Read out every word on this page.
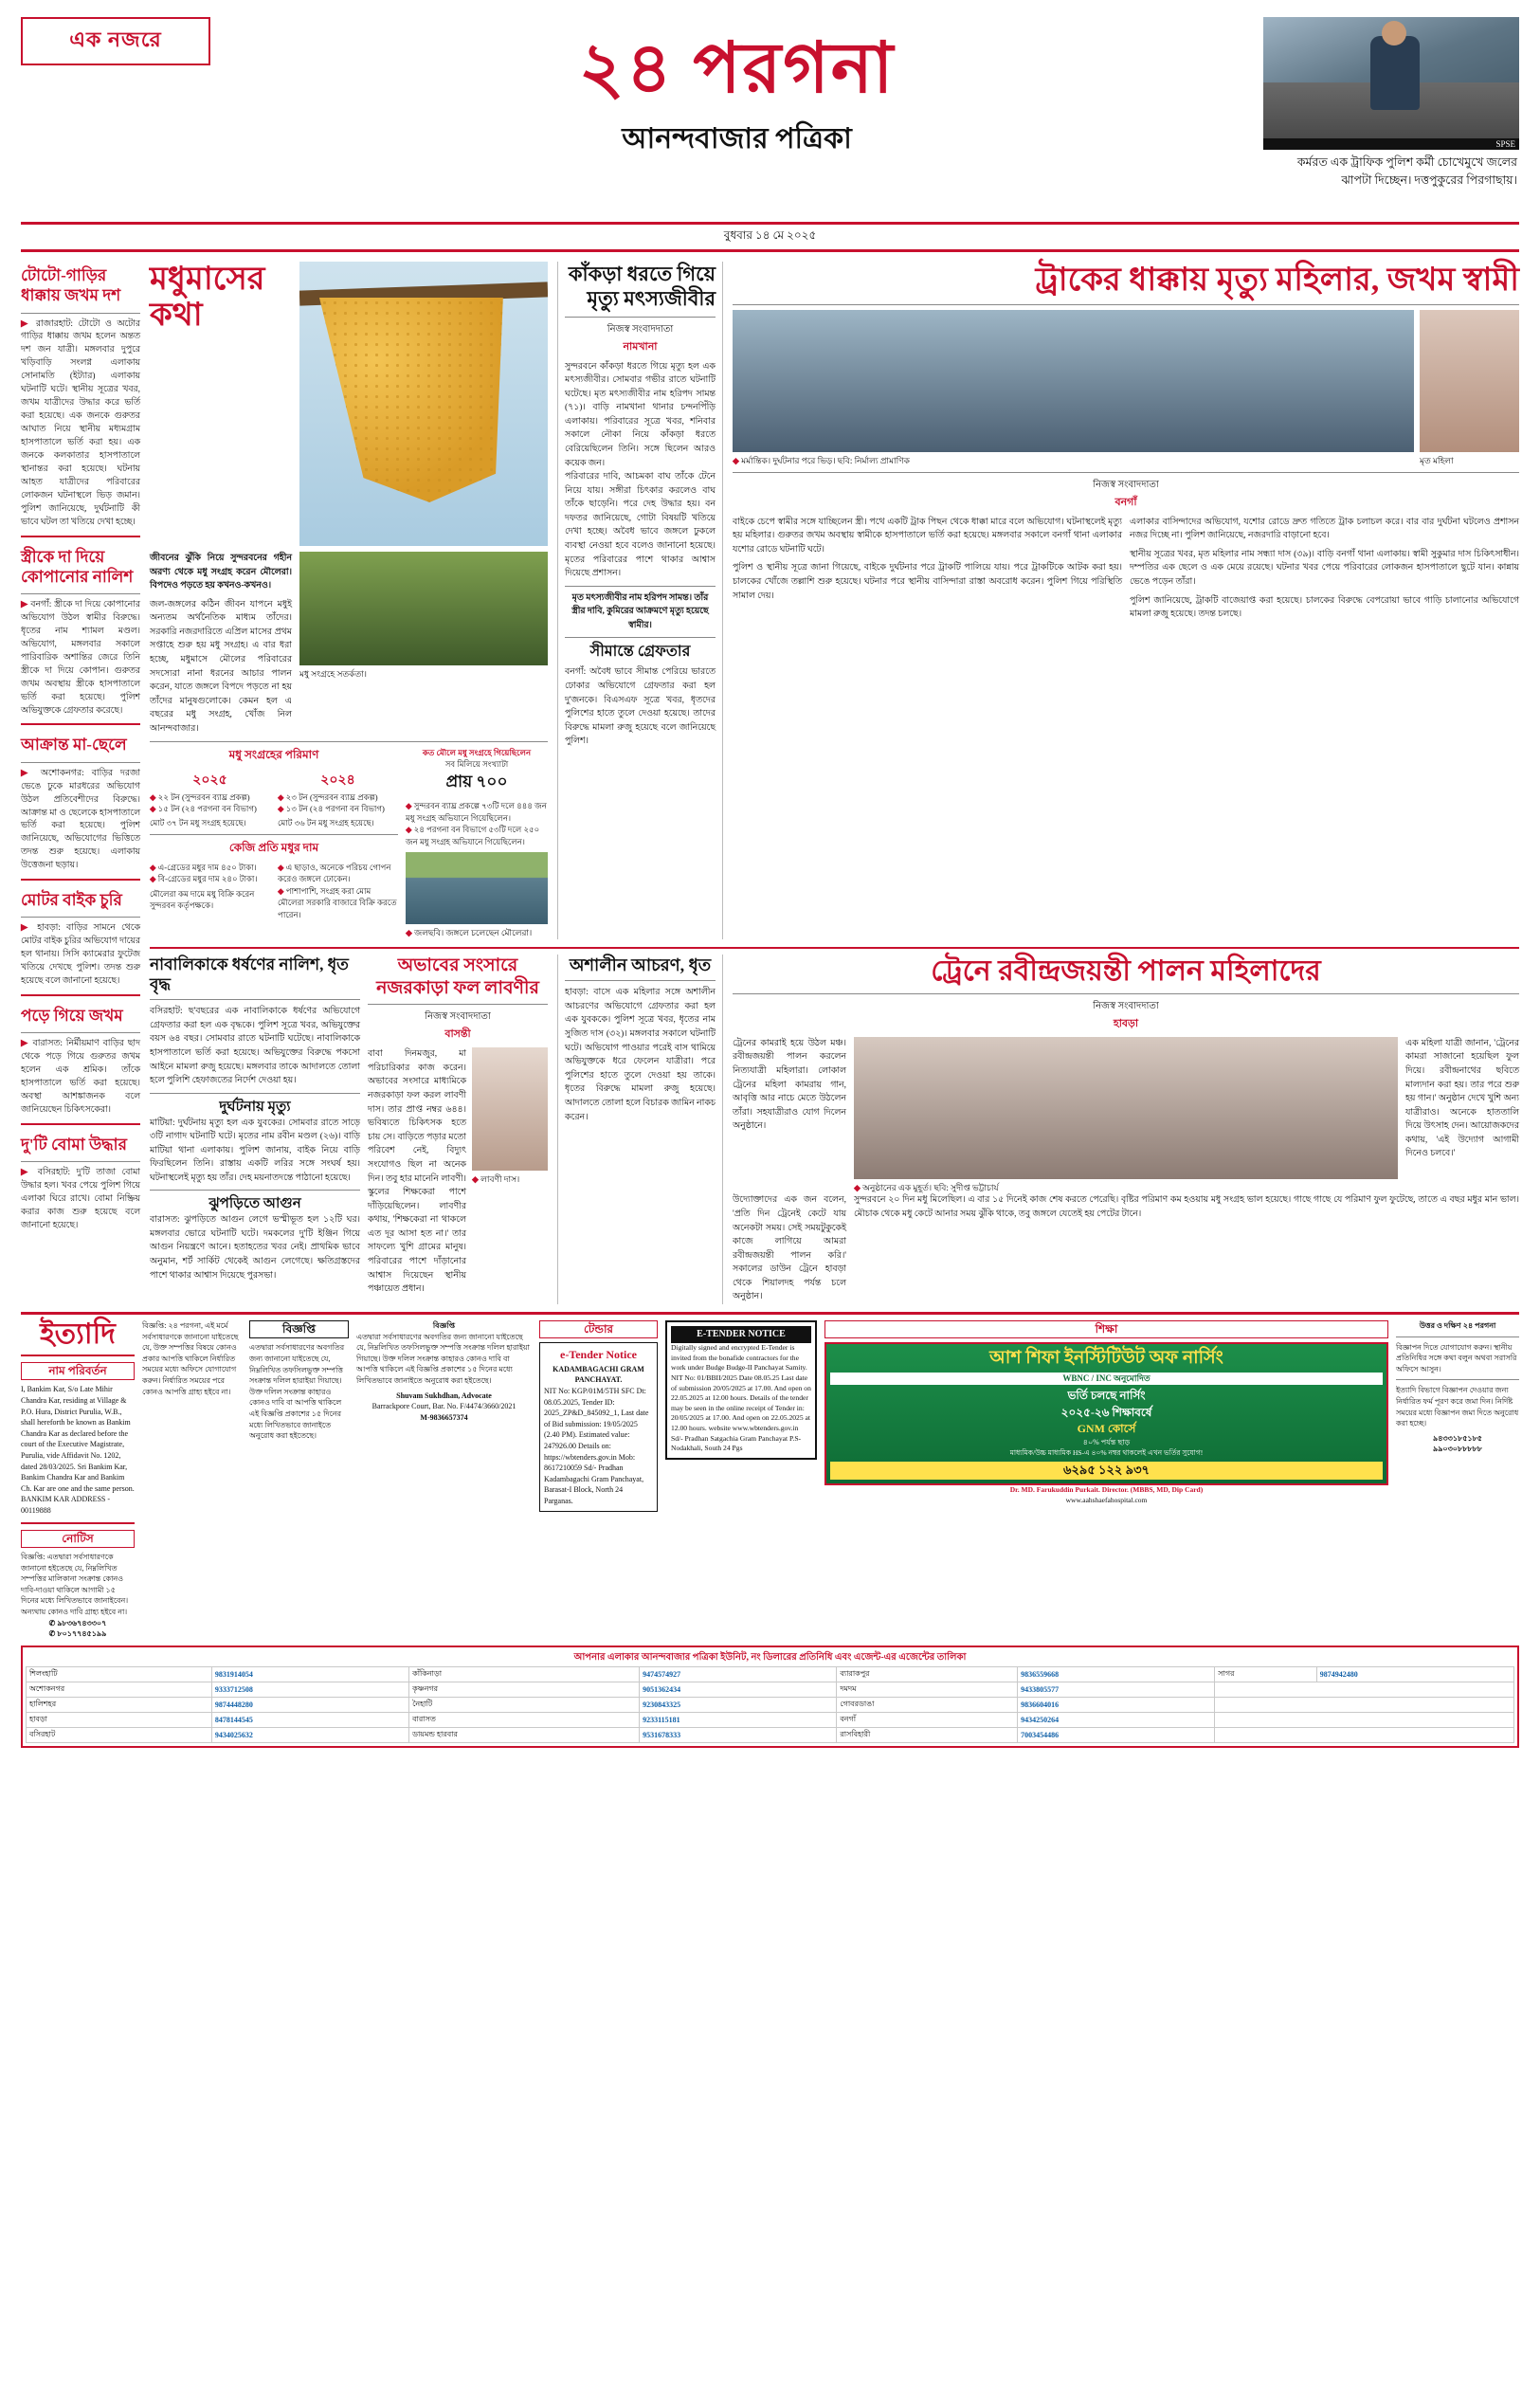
এক নজরে	২৪ পরগনা
আনন্দবাজার পত্রিকা	SPSE
কর্মরত এক ট্রাফিক পুলিশ কর্মী চোখেমুখে জলের ঝাপটা দিচ্ছেন। দত্তপুকুরের পিরগাছায়।
বুধবার ১৪ মে ২০২৫
টোটো-গাড়ির ধাক্কায় জখম দশ
▶ রাজারহাট: টোটো ও অটোর গাড়ির ধাক্কায় জখম হলেন অন্তত দশ জন যাত্রী। মঙ্গলবার দুপুরে খড়িবাড়ি সংলগ্ন এলাকায় সোনামতি (ইট্যার) এলাকায় ঘটনাটি ঘটে। স্থানীয় সূত্রের খবর, জখম যাত্রীদের উদ্ধার করে ভর্তি করা হয়েছে। এক জনকে গুরুতর আঘাত নিয়ে স্থানীয় মধ্যমগ্রাম হাসপাতালে ভর্তি করা হয়। এক জনকে কলকাতার হাসপাতালে স্থানান্তর করা হয়েছে। ঘটনায় আহত যাত্রীদের পরিবারের লোকজন ঘটনাস্থলে ভিড় জমান। পুলিশ জানিয়েছে, দুর্ঘটনাটি কী ভাবে ঘটল তা খতিয়ে দেখা হচ্ছে।
স্ত্রীকে দা দিয়ে কোপানোর নালিশ
▶ বনগাঁ: স্ত্রীকে দা দিয়ে কোপানোর অভিযোগ উঠল স্বামীর বিরুদ্ধে। ধৃতের নাম শ্যামল মণ্ডল। অভিযোগ, মঙ্গলবার সকালে পারিবারিক অশান্তির জেরে তিনি স্ত্রীকে দা দিয়ে কোপান। গুরুতর জখম অবস্থায় স্ত্রীকে হাসপাতালে ভর্তি করা হয়েছে। পুলিশ অভিযুক্তকে গ্রেফতার করেছে।
আক্রান্ত মা-ছেলে
▶ অশোকনগর: বাড়ির দরজা ভেঙে ঢুকে মারধরের অভিযোগ উঠল প্রতিবেশীদের বিরুদ্ধে। আক্রান্ত মা ও ছেলেকে হাসপাতালে ভর্তি করা হয়েছে। পুলিশ জানিয়েছে, অভিযোগের ভিত্তিতে তদন্ত শুরু হয়েছে। এলাকায় উত্তেজনা ছড়ায়।
মোটর বাইক চুরি
▶ হাবড়া: বাড়ির সামনে থেকে মোটর বাইক চুরির অভিযোগ দায়ের হল থানায়। সিসি ক্যামেরার ফুটেজ খতিয়ে দেখছে পুলিশ। তদন্ত শুরু হয়েছে বলে জানানো হয়েছে।
পড়ে গিয়ে জখম
▶ বারাসত: নির্মীয়মাণ বাড়ির ছাদ থেকে পড়ে গিয়ে গুরুতর জখম হলেন এক শ্রমিক। তাঁকে হাসপাতালে ভর্তি করা হয়েছে। অবস্থা আশঙ্কাজনক বলে জানিয়েছেন চিকিৎসকেরা।
দু'টি বোমা উদ্ধার
▶ বসিরহাট: দু'টি তাজা বোমা উদ্ধার হল। খবর পেয়ে পুলিশ গিয়ে এলাকা ঘিরে রাখে। বোমা নিষ্ক্রিয় করার কাজ শুরু হয়েছে বলে জানানো হয়েছে।
মধুমাসের
কথা
জীবনের ঝুঁকি নিয়ে সুন্দরবনের গহীন অরণ্য থেকে মধু সংগ্রহ করেন মৌলেরা। বিপদেও পড়তে হয় কখনও-কখনও।
জল-জঙ্গলের কঠিন জীবন যাপনে মধুই অন্যতম অর্থনৈতিক মাধ্যম তাঁদের। সরকারি নজরদারিতে এপ্রিল মাসের প্রথম সপ্তাহে শুরু হয় মধু সংগ্রহ। এ বার ধরা হচ্ছে, মধুমাসে মৌলের পরিবারের সদস্যেরা নানা ধরনের আচার পালন করেন, যাতে জঙ্গলে বিপদে পড়তে না হয় তাঁদের মানুষগুলোকে। কেমন হল এ বছরের মধু সংগ্রহ, খোঁজ নিল আনন্দবাজার।
মধু সংগ্রহে সতর্কতা।
মধু সংগ্রহের পরিমাণ
২০২৫
◆ ২২ টন (সুন্দরবন ব্যাঘ্র প্রকল্প)
◆ ১৫ টন (২৪ পরগনা বন বিভাগ)
মোট ৩৭ টন মধু সংগ্রহ হয়েছে।
২০২৪
◆ ২৩ টন (সুন্দরবন ব্যাঘ্র প্রকল্প)
◆ ১৩ টন (২৪ পরগনা বন বিভাগ)
মোট ৩৬ টন মধু সংগ্রহ হয়েছে।
কেজি প্রতি মধুর দাম
◆ এ-গ্রেডের মধুর দাম ৪৫০ টাকা।
◆ বি-গ্রেডের মধুর দাম ২৪০ টাকা।
মৌলেরা কম দামে মধু বিক্রি করেন সুন্দরবন কর্তৃপক্ষকে।
◆ এ ছাড়াও, অনেকে পরিচয় গোপন করেও জঙ্গলে ঢোকেন।
◆ পাশাপাশি, সংগ্রহ করা মোম মৌলেরা সরকারি বাজারে বিক্রি করতে পারেন।
কত মৌলে মধু সংগ্রহে গিয়েছিলেন
সব মিলিয়ে সংখ্যাটা
প্রায় ৭০০
◆ সুন্দরবন ব্যাঘ্র প্রকল্পে ৭৩টি দলে ৪৪৪ জন মধু সংগ্রহ অভিযানে গিয়েছিলেন।
◆ ২৪ পরগনা বন বিভাগে ৫৩টি দলে ২৫০ জন মধু সংগ্রহ অভিযানে গিয়েছিলেন।
◆ জলছবি। জঙ্গলে চলেছেন মৌলেরা।
কাঁকড়া ধরতে গিয়ে মৃত্যু মৎস্যজীবীর
নিজস্ব সংবাদদাতা
নামখানা
সুন্দরবনে কাঁকড়া ধরতে গিয়ে মৃত্যু হল এক মৎস্যজীবীর। সোমবার গভীর রাতে ঘটনাটি ঘটেছে। মৃত মৎস্যজীবীর নাম হরিপদ সামন্ত (৭১)। বাড়ি নামখানা থানার চন্দনপিঁড়ি এলাকায়। পরিবারের সূত্রে খবর, শনিবার সকালে নৌকা নিয়ে কাঁকড়া ধরতে বেরিয়েছিলেন তিনি। সঙ্গে ছিলেন আরও কয়েক জন।
পরিবারের দাবি, আচমকা বাঘ তাঁকে টেনে নিয়ে যায়। সঙ্গীরা চিৎকার করলেও বাঘ তাঁকে ছাড়েনি। পরে দেহ উদ্ধার হয়। বন দফতর জানিয়েছে, গোটা বিষয়টি খতিয়ে দেখা হচ্ছে। অবৈধ ভাবে জঙ্গলে ঢুকলে ব্যবস্থা নেওয়া হবে বলেও জানানো হয়েছে। মৃতের পরিবারের পাশে থাকার আশ্বাস দিয়েছে প্রশাসন।
মৃত মৎস্যজীবীর নাম হরিপদ সামন্ত। তাঁর স্ত্রীর দাবি, কুমিরের আক্রমণে মৃত্যু হয়েছে স্বামীর।
সীমান্তে গ্রেফতার
বনগাঁ: অবৈধ ভাবে সীমান্ত পেরিয়ে ভারতে ঢোকার অভিযোগে গ্রেফতার করা হল দু'জনকে। বিএসএফ সূত্রে খবর, ধৃতদের পুলিশের হাতে তুলে দেওয়া হয়েছে। তাদের বিরুদ্ধে মামলা রুজু হয়েছে বলে জানিয়েছে পুলিশ।
ট্রাকের ধাক্কায় মৃত্যু মহিলার, জখম স্বামী
◆ মর্মান্তিক। দুর্ঘটনার পরে ভিড়। ছবি: নির্মাল্য প্রামাণিক	মৃত মহিলা
নিজস্ব সংবাদদাতা
বনগাঁ

বাইকে চেপে স্বামীর সঙ্গে যাচ্ছিলেন স্ত্রী। পথে একটি ট্রাক পিছন থেকে ধাক্কা মারে বলে অভিযোগ। ঘটনাস্থলেই মৃত্যু হয় মহিলার। গুরুতর জখম অবস্থায় স্বামীকে হাসপাতালে ভর্তি করা হয়েছে। মঙ্গলবার সকালে বনগাঁ থানা এলাকার যশোর রোডে ঘটনাটি ঘটে।

পুলিশ ও স্থানীয় সূত্রে জানা গিয়েছে, বাইকে দুর্ঘটনার পরে ট্রাকটি পালিয়ে যায়। পরে ট্রাকটিকে আটক করা হয়। চালকের খোঁজে তল্লাশি শুরু হয়েছে। ঘটনার পরে স্থানীয় বাসিন্দারা রাস্তা অবরোধ করেন। পুলিশ গিয়ে পরিস্থিতি সামাল দেয়।

এলাকার বাসিন্দাদের অভিযোগ, যশোর রোডে দ্রুত গতিতে ট্রাক চলাচল করে। বার বার দুর্ঘটনা ঘটলেও প্রশাসন নজর দিচ্ছে না। পুলিশ জানিয়েছে, নজরদারি বাড়ানো হবে।

স্থানীয় সূত্রের খবর, মৃত মহিলার নাম সন্ধ্যা দাস (৩৯)। বাড়ি বনগাঁ থানা এলাকায়। স্বামী সুকুমার দাস চিকিৎসাধীন। দম্পতির এক ছেলে ও এক মেয়ে রয়েছে। ঘটনার খবর পেয়ে পরিবারের লোকজন হাসপাতালে ছুটে যান। কান্নায় ভেঙে পড়েন তাঁরা।

পুলিশ জানিয়েছে, ট্রাকটি বাজেয়াপ্ত করা হয়েছে। চালকের বিরুদ্ধে বেপরোয়া ভাবে গাড়ি চালানোর অভিযোগে মামলা রুজু হয়েছে। তদন্ত চলছে।

নাবালিকাকে ধর্ষণের নালিশ, ধৃত বৃদ্ধ
বসিরহাট: ছ'বছরের এক নাবালিকাকে ধর্ষণের অভিযোগে গ্রেফতার করা হল এক বৃদ্ধকে। পুলিশ সূত্রে খবর, অভিযুক্তের বয়স ৬৪ বছর। সোমবার রাতে ঘটনাটি ঘটেছে। নাবালিকাকে হাসপাতালে ভর্তি করা হয়েছে। অভিযুক্তের বিরুদ্ধে পকসো আইনে মামলা রুজু হয়েছে। মঙ্গলবার তাকে আদালতে তোলা হলে পুলিশি হেফাজতের নির্দেশ দেওয়া হয়।
দুর্ঘটনায় মৃত্যু
মাটিয়া: দুর্ঘটনায় মৃত্যু হল এক যুবকের। সোমবার রাতে সাড়ে ৩টি নাগাদ ঘটনাটি ঘটে। মৃতের নাম রবীন মণ্ডল (২৬)। বাড়ি মাটিয়া থানা এলাকায়। পুলিশ জানায়, বাইক নিয়ে বাড়ি ফিরছিলেন তিনি। রাস্তায় একটি লরির সঙ্গে সংঘর্ষ হয়। ঘটনাস্থলেই মৃত্যু হয় তাঁর। দেহ ময়নাতদন্তে পাঠানো হয়েছে।
ঝুপড়িতে আগুন
বারাসত: ঝুপড়িতে আগুন লেগে ভস্মীভূত হল ১২টি ঘর। মঙ্গলবার ভোরে ঘটনাটি ঘটে। দমকলের দু'টি ইঞ্জিন গিয়ে আগুন নিয়ন্ত্রণে আনে। হতাহতের খবর নেই। প্রাথমিক ভাবে অনুমান, শর্ট সার্কিট থেকেই আগুন লেগেছে। ক্ষতিগ্রস্তদের পাশে থাকার আশ্বাস দিয়েছে পুরসভা।
অভাবের সংসারে নজরকাড়া ফল লাবণীর
নিজস্ব সংবাদদাতা
বাসন্তী
বাবা দিনমজুর, মা পরিচারিকার কাজ করেন। অভাবের সংসারে মাধ্যমিকে নজরকাড়া ফল করল লাবণী দাস। তার প্রাপ্ত নম্বর ৬৪৪। ভবিষ্যতে চিকিৎসক হতে চায় সে। বাড়িতে পড়ার মতো পরিবেশ নেই, বিদ্যুৎ সংযোগও ছিল না অনেক দিন। তবু হার মানেনি লাবণী। স্কুলের শিক্ষকেরা পাশে দাঁড়িয়েছিলেন। লাবণীর কথায়, 'শিক্ষকেরা না থাকলে এত দূর আসা হত না।' তার সাফল্যে খুশি গ্রামের মানুষ। পরিবারের পাশে দাঁড়ানোর আশ্বাস দিয়েছেন স্থানীয় পঞ্চায়েত প্রধান।
◆ লাবণী দাস।
অশালীন আচরণ, ধৃত
হাবড়া: বাসে এক মহিলার সঙ্গে অশালীন আচরণের অভিযোগে গ্রেফতার করা হল এক যুবককে। পুলিশ সূত্রে খবর, ধৃতের নাম সুজিত দাস (৩২)। মঙ্গলবার সকালে ঘটনাটি ঘটে। অভিযোগ পাওয়ার পরেই বাস থামিয়ে অভিযুক্তকে ধরে ফেলেন যাত্রীরা। পরে পুলিশের হাতে তুলে দেওয়া হয় তাকে। ধৃতের বিরুদ্ধে মামলা রুজু হয়েছে। আদালতে তোলা হলে বিচারক জামিন নাকচ করেন।
ট্রেনে রবীন্দ্রজয়ন্তী পালন মহিলাদের
নিজস্ব সংবাদদাতা
হাবড়া
ট্রেনের কামরাই হয়ে উঠল মঞ্চ। রবীন্দ্রজয়ন্তী পালন করলেন নিত্যযাত্রী মহিলারা। লোকাল ট্রেনের মহিলা কামরায় গান, আবৃত্তি আর নাচে মেতে উঠলেন তাঁরা। সহযাত্রীরাও যোগ দিলেন অনুষ্ঠানে।
◆ অনুষ্ঠানের এক মুহূর্ত। ছবি: সুদীপ্ত ভট্টাচার্য
এক মহিলা যাত্রী জানান, 'ট্রেনের কামরা সাজানো হয়েছিল ফুল দিয়ে। রবীন্দ্রনাথের ছবিতে মাল্যদান করা হয়। তার পরে শুরু হয় গান।' অনুষ্ঠান দেখে খুশি অন্য যাত্রীরাও। অনেকে হাততালি দিয়ে উৎসাহ দেন। আয়োজকদের কথায়, 'এই উদ্যোগ আগামী দিনেও চলবে।'
উদ্যোক্তাদের এক জন বলেন, 'প্রতি দিন ট্রেনেই কেটে যায় অনেকটা সময়। সেই সময়টুকুকেই কাজে লাগিয়ে আমরা রবীন্দ্রজয়ন্তী পালন করি।' সকালের ডাউন ট্রেনে হাবড়া থেকে শিয়ালদহ পর্যন্ত চলে অনুষ্ঠান।
সুন্দরবনে ২০ দিন মধু মিলেছিল। এ বার ১৫ দিনেই কাজ শেষ করতে পেরেছি। বৃষ্টির পরিমাণ কম হওয়ায় মধু সংগ্রহ ভাল হয়েছে। গাছে গাছে যে পরিমাণ ফুল ফুটেছে, তাতে এ বছর মধুর মান ভাল। মৌচাক থেকে মধু কেটে আনার সময় ঝুঁকি থাকে, তবু জঙ্গলে যেতেই হয় পেটের টানে।
ইত্যাদি
নাম পরিবর্তন
I, Bankim Kar, S/o Late Mihir Chandra Kar, residing at Village & P.O. Hura, District Purulia, W.B., shall hereforth be known as Bankim Chandra Kar as declared before the court of the Executive Magistrate, Purulia, vide Affidavit No. 1202, dated 28/03/2025. Sri Bankim Kar, Bankim Chandra Kar and Bankim Ch. Kar are one and the same person. BANKIM KAR ADDRESS - 00119888
নোটিস
বিজ্ঞপ্তি: এতদ্বারা সর্বসাধারণকে জানানো হইতেছে যে, নিম্নলিখিত সম্পত্তির মালিকানা সংক্রান্ত কোনও দাবি-দাওয়া থাকিলে আগামী ১৫ দিনের মধ্যে লিখিতভাবে জানাইবেন। অন্যথায় কোনও দাবি গ্রাহ্য হইবে না।
✆ ৯৮৩৬৭৪৩৩০৭
✆ ৮০১৭৭৪৫১৯৯
বিজ্ঞপ্তি: ২৪ পরগনা, এই মর্মে সর্বসাধারণকে জানানো যাইতেছে যে, উক্ত সম্পত্তির বিষয়ে কোনও প্রকার আপত্তি থাকিলে নির্ধারিত সময়ের মধ্যে অফিসে যোগাযোগ করুন। নির্ধারিত সময়ের পরে কোনও আপত্তি গ্রাহ্য হইবে না।
বিজ্ঞপ্তি
এতদ্বারা সর্বসাধারণের অবগতির জন্য জানানো যাইতেছে যে, নিম্নলিখিত তফসিলভুক্ত সম্পত্তি সংক্রান্ত দলিল হারাইয়া গিয়াছে। উক্ত দলিল সংক্রান্ত কাহারও কোনও দাবি বা আপত্তি থাকিলে এই বিজ্ঞপ্তি প্রকাশের ১৫ দিনের মধ্যে লিখিতভাবে জানাইতে অনুরোধ করা হইতেছে।
বিজ্ঞপ্তি
এতদ্বারা সর্বসাধারণের অবগতির জন্য জানানো যাইতেছে যে, নিম্নলিখিত তফসিলভুক্ত সম্পত্তি সংক্রান্ত দলিল হারাইয়া গিয়াছে। উক্ত দলিল সংক্রান্ত কাহারও কোনও দাবি বা আপত্তি থাকিলে এই বিজ্ঞপ্তি প্রকাশের ১৫ দিনের মধ্যে লিখিতভাবে জানাইতে অনুরোধ করা হইতেছে।
Shuvam Sukhdhan, Advocate
Barrackpore Court, Bar. No. F/4474/3660/2021
M-9836657374
টেন্ডার
e-Tender Notice
KADAMBAGACHI GRAM PANCHAYAT.
NIT No: KGP/01M/5TH SFC Dt: 08.05.2025, Tender ID: 2025_ZP&D_845092_1, Last date of Bid submission: 19/05/2025 (2.40 PM). Estimated value: 247926.00 Details on: https://wbtenders.gov.in Mob: 8617210059 Sd/- Pradhan Kadambagachi Gram Panchayat, Barasat-I Block, North 24 Parganas.
E-TENDER NOTICE
Digitally signed and encrypted E-Tender is invited from the bonafide contractors for the work under Budge Budge-II Panchayat Samity. NIT No: 01/BBII/2025 Date 08.05.25 Last date of submission 20/05/2025 at 17.00. And open on 22.05.2025 at 12.00 hours. Details of the tender may be seen in the online receipt of Tender in: 20/05/2025 at 17.00. And open on 22.05.2025 at 12.00 hours. website www.wbtenders.gov.in Sd/- Pradhan Satgachia Gram Panchayat P.S-Nodakhali, South 24 Pgs
শিক্ষা
আশ শিফা ইনস্টিটিউট অফ নার্সিং
WBNC / INC অনুমোদিত
ভর্তি চলছে নার্সিং
২০২৫-২৬ শিক্ষাবর্ষে
GNM কোর্সে
৪০% পর্যন্ত ছাড়
মাধ্যমিক/উচ্চ মাধ্যমিক HS-এ ৪০% নম্বর থাকলেই এখন ভর্তির সুযোগ!
৬২৯৫ ১২২ ৯৩৭
Dr. MD. Farukuddin Purkait. Director. (MBBS, MD, Dip Card)
www.aahshaefahospital.com
উত্তর ও দক্ষিণ ২৪ পরগনা
বিজ্ঞাপন দিতে যোগাযোগ করুন। স্থানীয় প্রতিনিধির সঙ্গে কথা বলুন অথবা সরাসরি অফিসে আসুন।
ইত্যাদি বিভাগে বিজ্ঞাপন দেওয়ার জন্য নির্ধারিত ফর্ম পূরণ করে জমা দিন। নির্দিষ্ট সময়ের মধ্যে বিজ্ঞাপন জমা দিতে অনুরোধ করা হচ্ছে।
৯৪৩৩১৮৫১৮৫
৯৯০৩০৮৮৮৮৮
আপনার এলাকার আনন্দবাজার পত্রিকা ইউনিট, নং ডিলারের প্রতিনিধি এবং এজেন্ট-এর এজেন্টের তালিকা
শিলংহাটি	9831914054	কাঁকিনাড়া	9474574927	ব্যারাকপুর	9836559668	সাগর	9874942480
অশোকনগর	9333712508	কৃষ্ণনগর	9051362434	দমদম	9433805577		
হালিশহর	9874448280	নৈহাটি	9230843325	গোবরডাঙা	9836604016		
হাবড়া	8478144545	বারাসত	9233115181	বনগাঁ	9434250264		
বসিরহাট	9434025632	ডায়মন্ড হারবার	9531678333	রাসবিহারী	7003454486		
